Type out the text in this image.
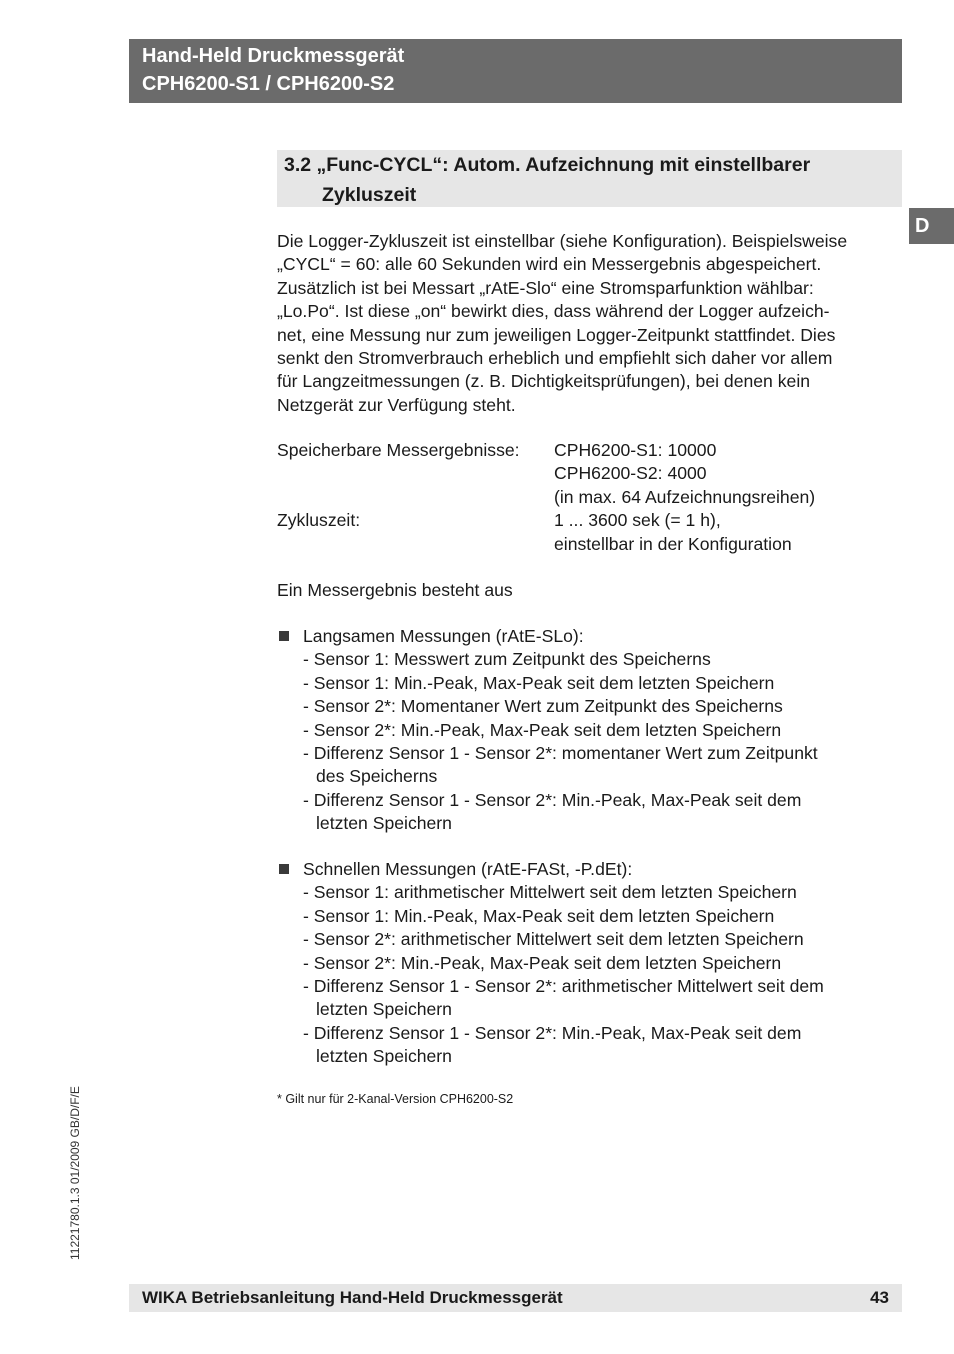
Hand-Held Druckmessgerät
CPH6200-S1 / CPH6200-S2
D
3.2 „Func-CYCL“: Autom. Aufzeichnung mit einstellbarer
Zykluszeit
Die Logger-Zykluszeit ist einstellbar (siehe Konfiguration). Beispielsweise
„CYCL“ = 60: alle 60 Sekunden wird ein Messergebnis abgespeichert.
Zusätzlich ist bei Messart „rAtE-Slo“ eine Stromsparfunktion wählbar:
„Lo.Po“. Ist diese „on“ bewirkt dies, dass während der Logger aufzeich-
net, eine Messung nur zum jeweiligen Logger-Zeitpunkt stattfindet. Dies
senkt den Stromverbrauch erheblich und empfiehlt sich daher vor allem
für Langzeitmessungen (z. B. Dichtigkeitsprüfungen), bei denen kein
Netzgerät zur Verfügung steht.
Speicherbare Messergebnisse:	CPH6200-S1: 10000
CPH6200-S2: 4000
(in max. 64 Aufzeichnungsreihen)
Zykluszeit:	1 ... 3600 sek (= 1 h),
einstellbar in der Konfiguration
Ein Messergebnis besteht aus
Langsamen Messungen (rAtE-SLo):
- Sensor 1: Messwert zum Zeitpunkt des Speicherns
- Sensor 1: Min.-Peak, Max-Peak seit dem letzten Speichern
- Sensor 2*: Momentaner Wert zum Zeitpunkt des Speicherns
- Sensor 2*: Min.-Peak, Max-Peak seit dem letzten Speichern
- Differenz Sensor 1 - Sensor 2*: momentaner Wert zum Zeitpunkt
des Speicherns
- Differenz Sensor 1 - Sensor 2*: Min.-Peak, Max-Peak seit dem
letzten Speichern
Schnellen Messungen (rAtE-FASt, -P.dEt):
- Sensor 1: arithmetischer Mittelwert seit dem letzten Speichern
- Sensor 1: Min.-Peak, Max-Peak seit dem letzten Speichern
- Sensor 2*: arithmetischer Mittelwert seit dem letzten Speichern
- Sensor 2*: Min.-Peak, Max-Peak seit dem letzten Speichern
- Differenz Sensor 1 - Sensor 2*: arithmetischer Mittelwert seit dem
letzten Speichern
- Differenz Sensor 1 - Sensor 2*: Min.-Peak, Max-Peak seit dem
letzten Speichern
* Gilt nur für 2-Kanal-Version CPH6200-S2
11221780.1.3 01/2009 GB/D/F/E
WIKA Betriebsanleitung Hand-Held Druckmessgerät	43
